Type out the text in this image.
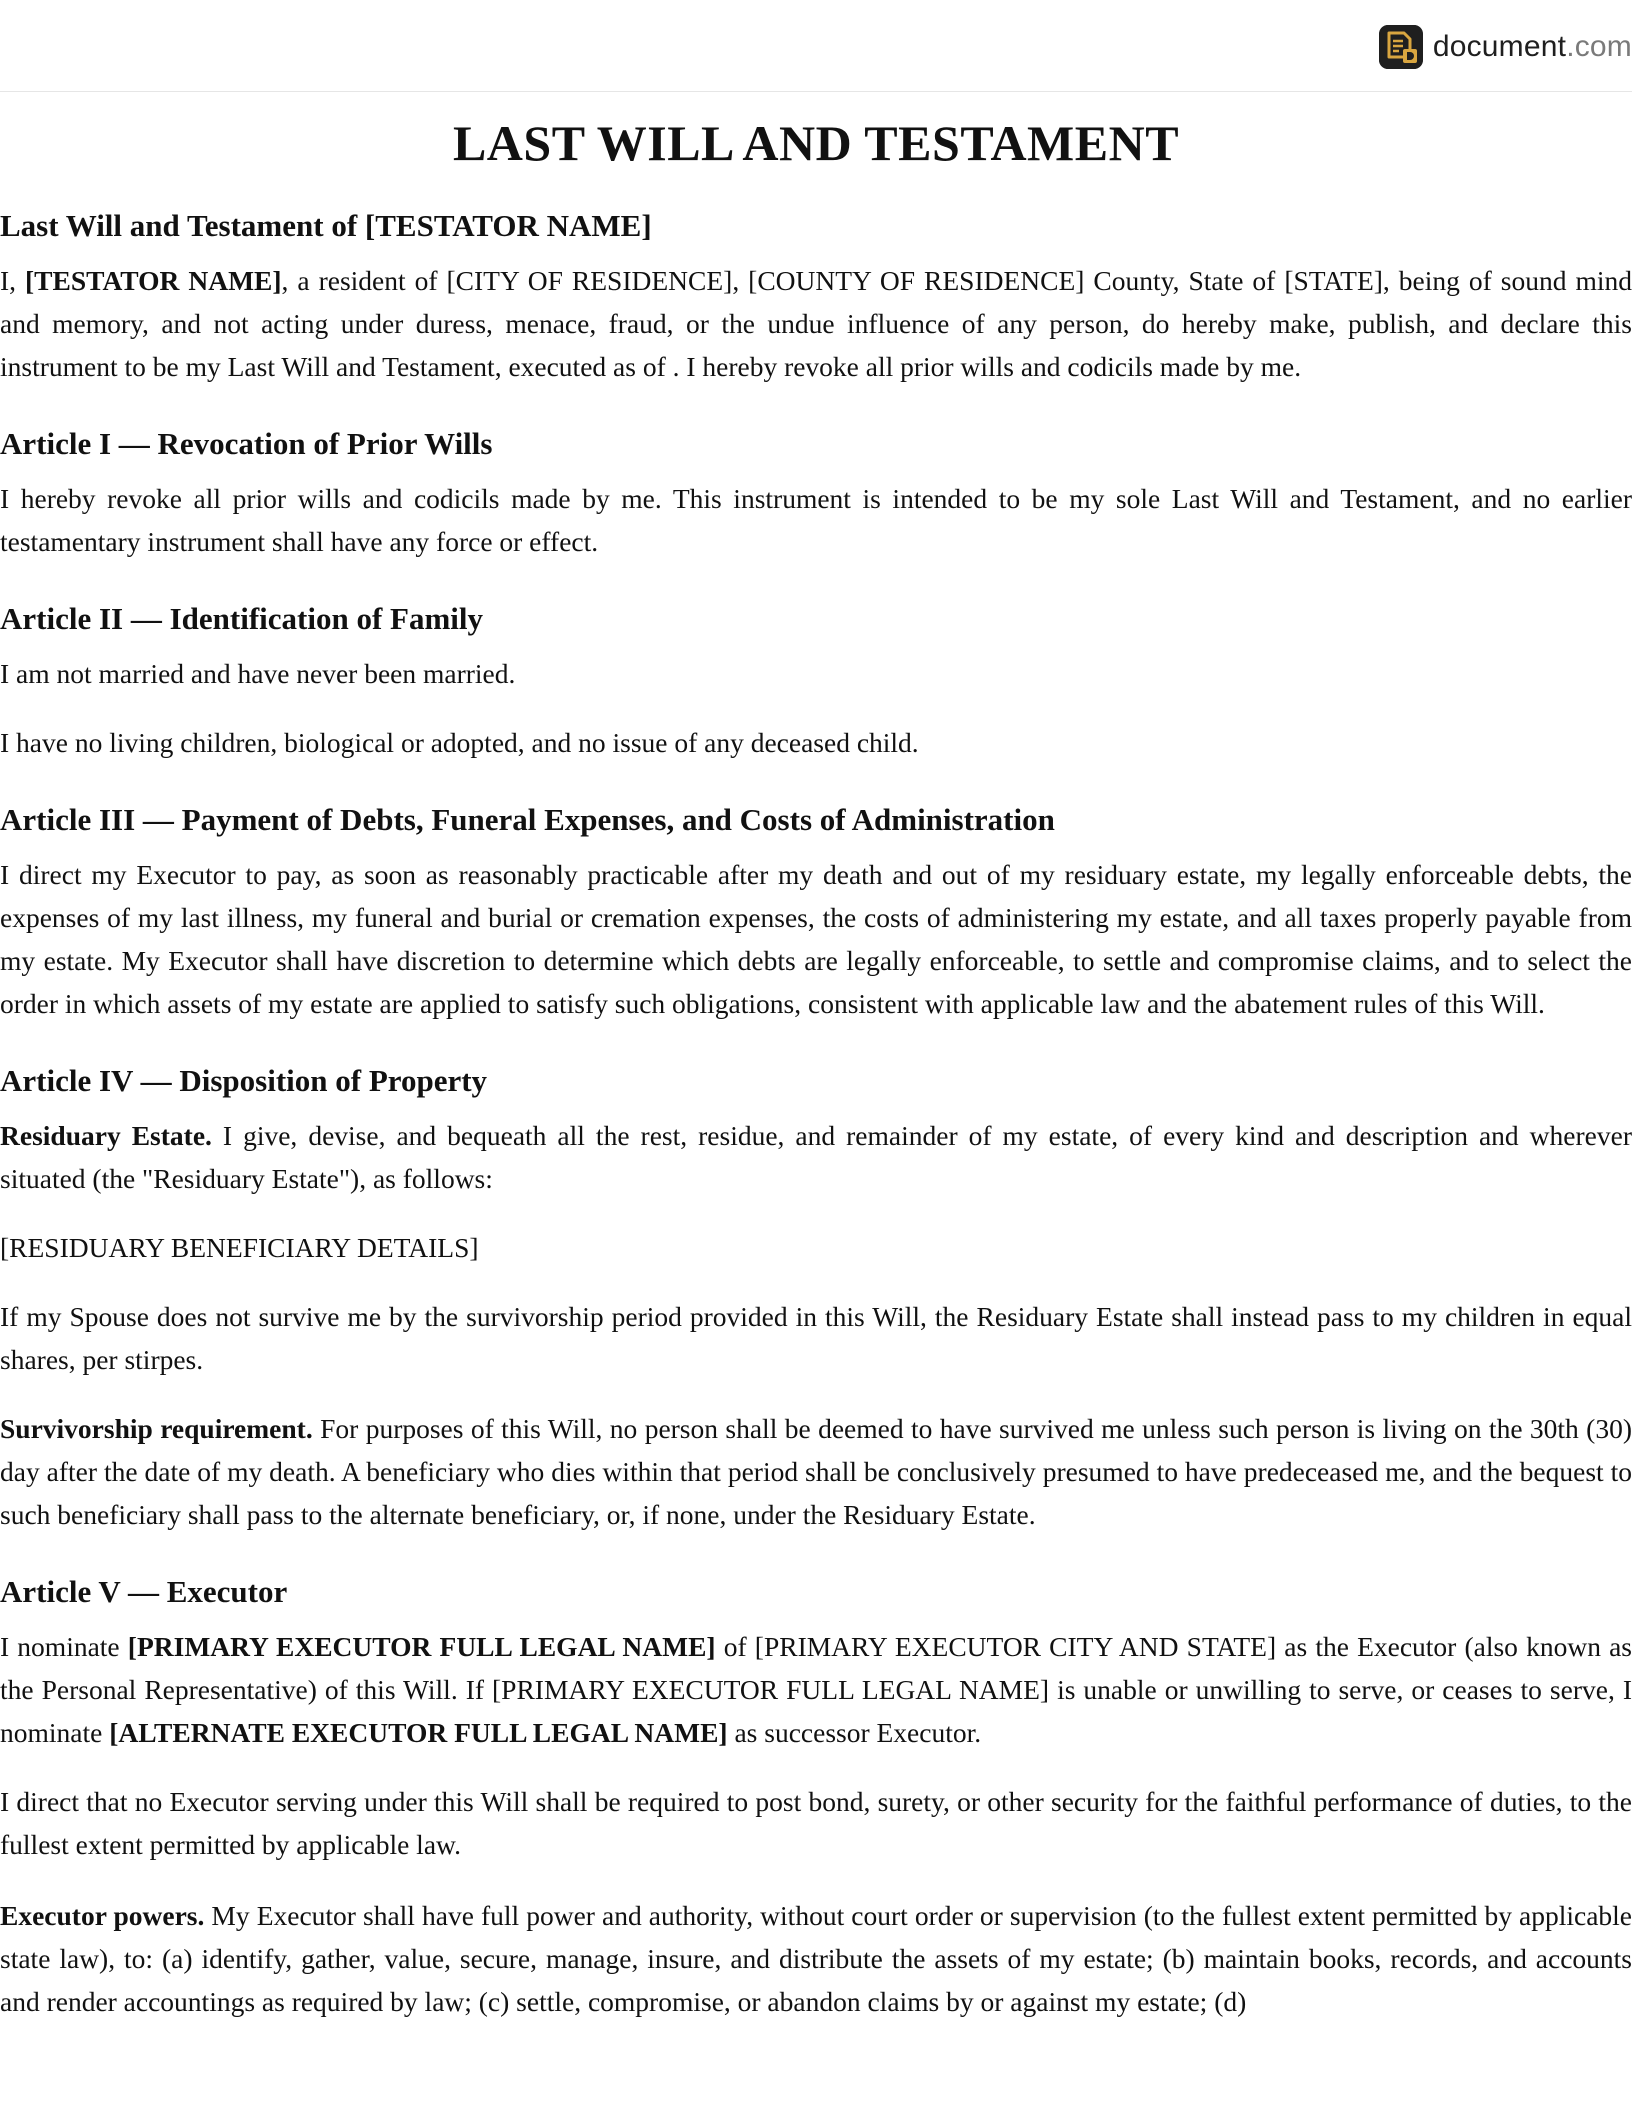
document.com
LAST WILL AND TESTAMENT
Last Will and Testament of [TESTATOR NAME]

I, [TESTATOR NAME], a resident of [CITY OF RESIDENCE], [COUNTY OF RESIDENCE] County, State of [STATE], being of sound mind and memory, and not acting under duress, menace, fraud, or the undue influence of any person, do hereby make, publish, and declare this instrument to be my Last Will and Testament, executed as of . I hereby revoke all prior wills and codicils made by me.

Article I — Revocation of Prior Wills

I hereby revoke all prior wills and codicils made by me. This instrument is intended to be my sole Last Will and Testament, and no earlier testamentary instrument shall have any force or effect.

Article II — Identification of Family

I am not married and have never been married.

I have no living children, biological or adopted, and no issue of any deceased child.

Article III — Payment of Debts, Funeral Expenses, and Costs of Administration

I direct my Executor to pay, as soon as reasonably practicable after my death and out of my residuary estate, my legally enforceable debts, the expenses of my last illness, my funeral and burial or cremation expenses, the costs of administering my estate, and all taxes properly payable from my estate. My Executor shall have discretion to determine which debts are legally enforceable, to settle and compromise claims, and to select the order in which assets of my estate are applied to satisfy such obligations, consistent with applicable law and the abatement rules of this Will.

Article IV — Disposition of Property

Residuary Estate. I give, devise, and bequeath all the rest, residue, and remainder of my estate, of every kind and description and wherever situated (the "Residuary Estate"), as follows:

[RESIDUARY BENEFICIARY DETAILS]

If my Spouse does not survive me by the survivorship period provided in this Will, the Residuary Estate shall instead pass to my children in equal shares, per stirpes.

Survivorship requirement. For purposes of this Will, no person shall be deemed to have survived me unless such person is living on the 30th (30) day after the date of my death. A beneficiary who dies within that period shall be conclusively presumed to have predeceased me, and the bequest to such beneficiary shall pass to the alternate beneficiary, or, if none, under the Residuary Estate.

Article V — Executor

I nominate [PRIMARY EXECUTOR FULL LEGAL NAME] of [PRIMARY EXECUTOR CITY AND STATE] as the Executor (also known as the Personal Representative) of this Will. If [PRIMARY EXECUTOR FULL LEGAL NAME] is unable or unwilling to serve, or ceases to serve, I nominate [ALTERNATE EXECUTOR FULL LEGAL NAME] as successor Executor.

I direct that no Executor serving under this Will shall be required to post bond, surety, or other security for the faithful performance of duties, to the fullest extent permitted by applicable law.

Executor powers. My Executor shall have full power and authority, without court order or supervision (to the fullest extent permitted by applicable state law), to: (a) identify, gather, value, secure, manage, insure, and distribute the assets of my estate; (b) maintain books, records, and accounts and render accountings as required by law; (c) settle, compromise, or abandon claims by or against my estate; (d)
